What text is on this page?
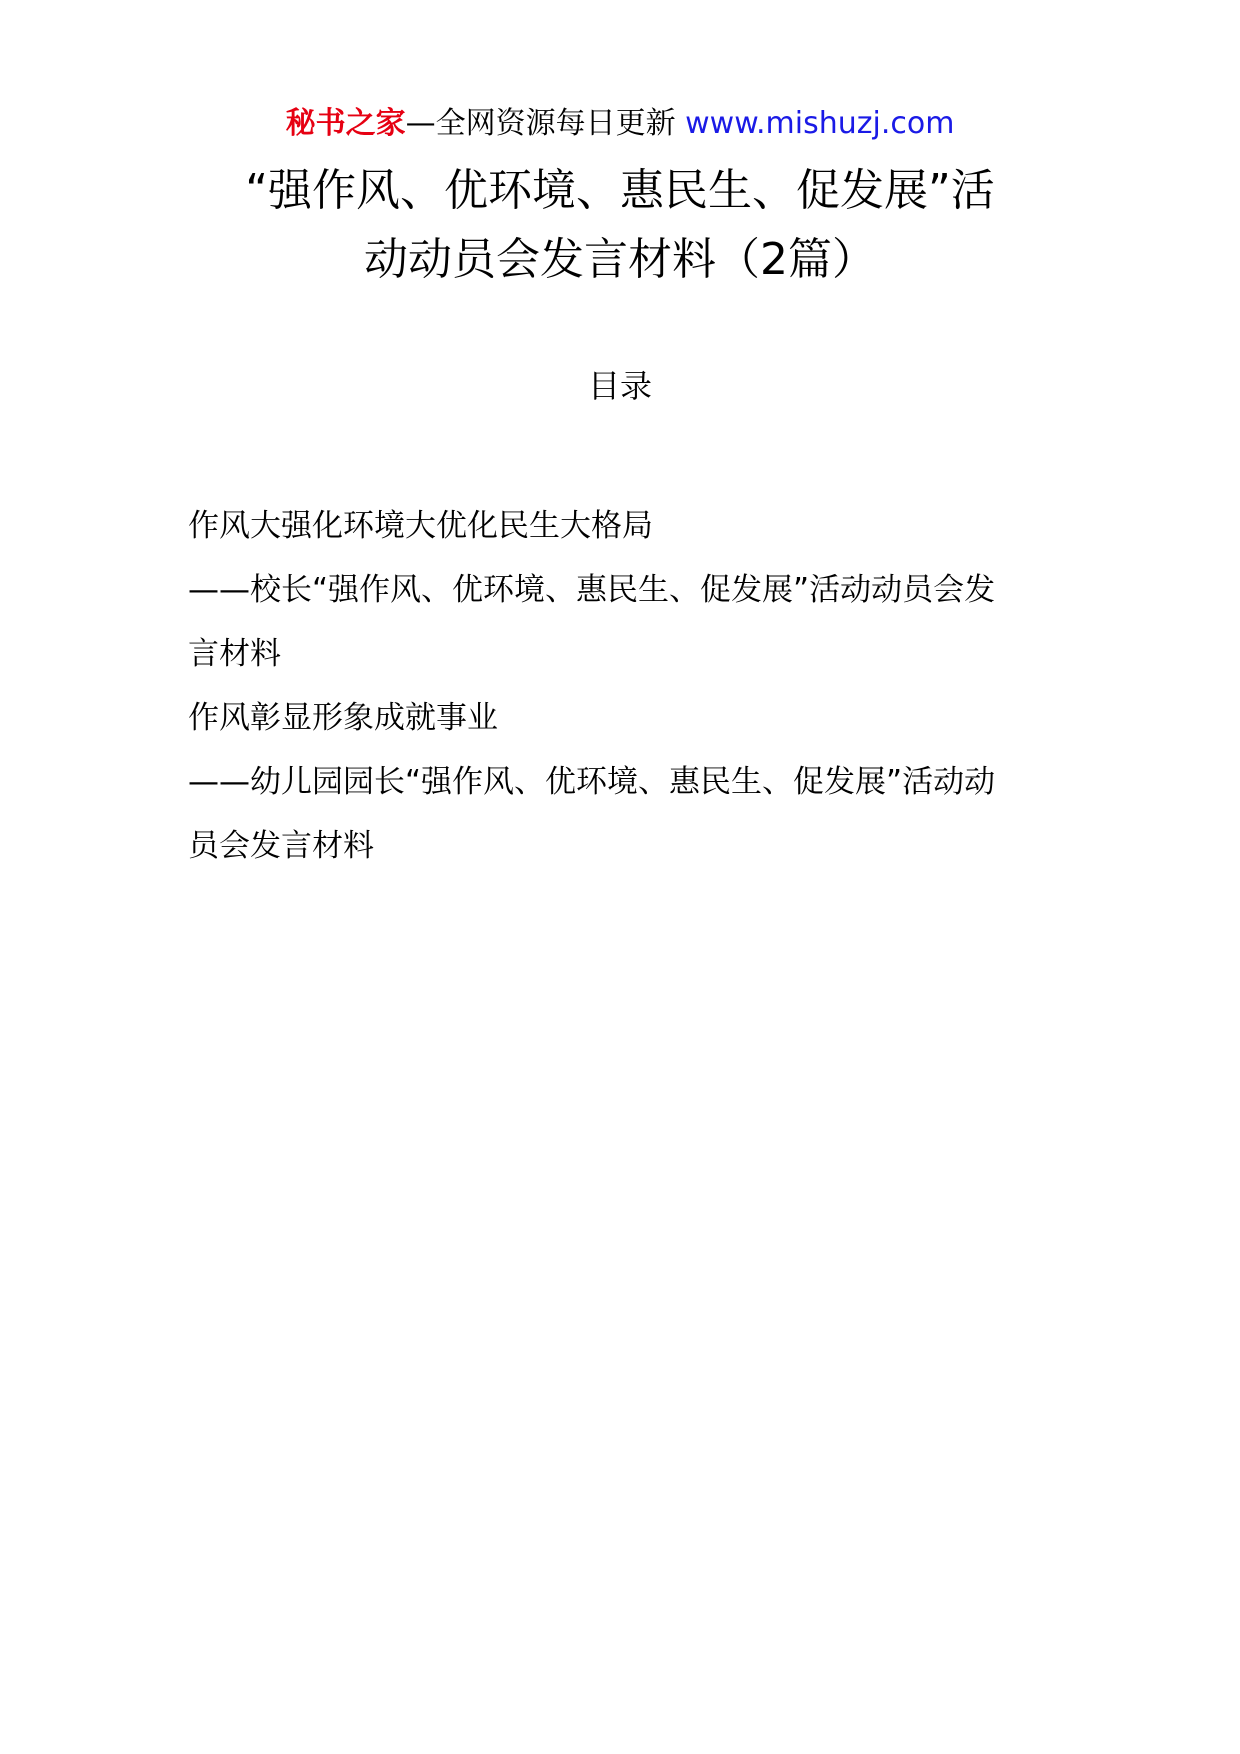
秘书之家—全网资源每日更新 www.mishuzj.com
“强作风、优环境、惠民生、促发展”活
动动员会发言材料（2篇）
目录
作风大强化环境大优化民生大格局
——校长“强作风、优环境、惠民生、促发展”活动动员会发
言材料
作风彰显形象成就事业
——幼儿园园长“强作风、优环境、惠民生、促发展”活动动
员会发言材料
